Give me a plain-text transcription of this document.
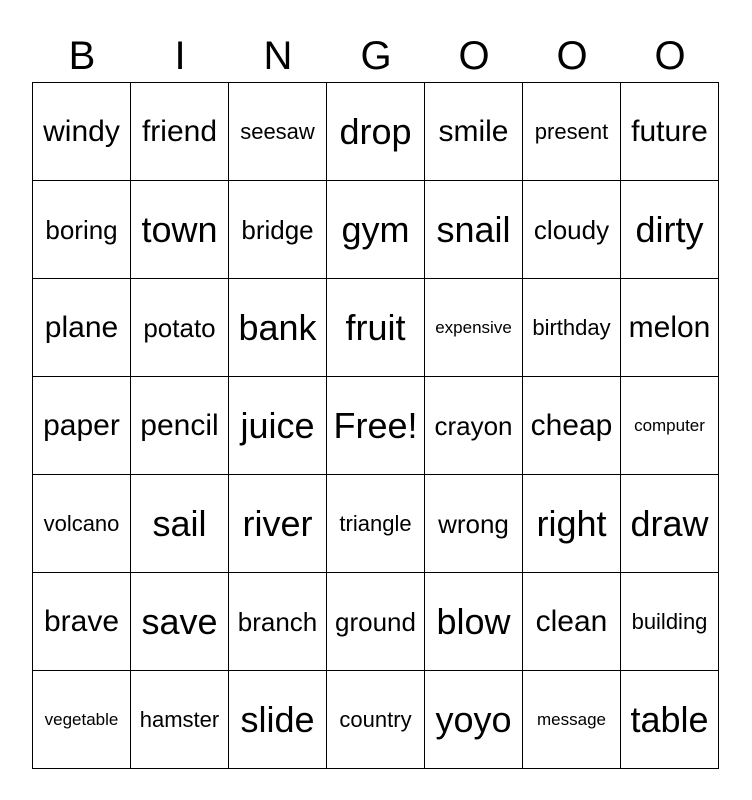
B	I	N	G	O	O	O
windy friend seesaw drop smile present future
boring town bridge gym snail cloudy dirty
plane potato bank fruit expensive birthday melon
paper pencil juice Free! crayon cheap computer
volcano sail river triangle wrong right draw
brave save branch ground blow clean building
vegetable hamster slide country yoyo message table
